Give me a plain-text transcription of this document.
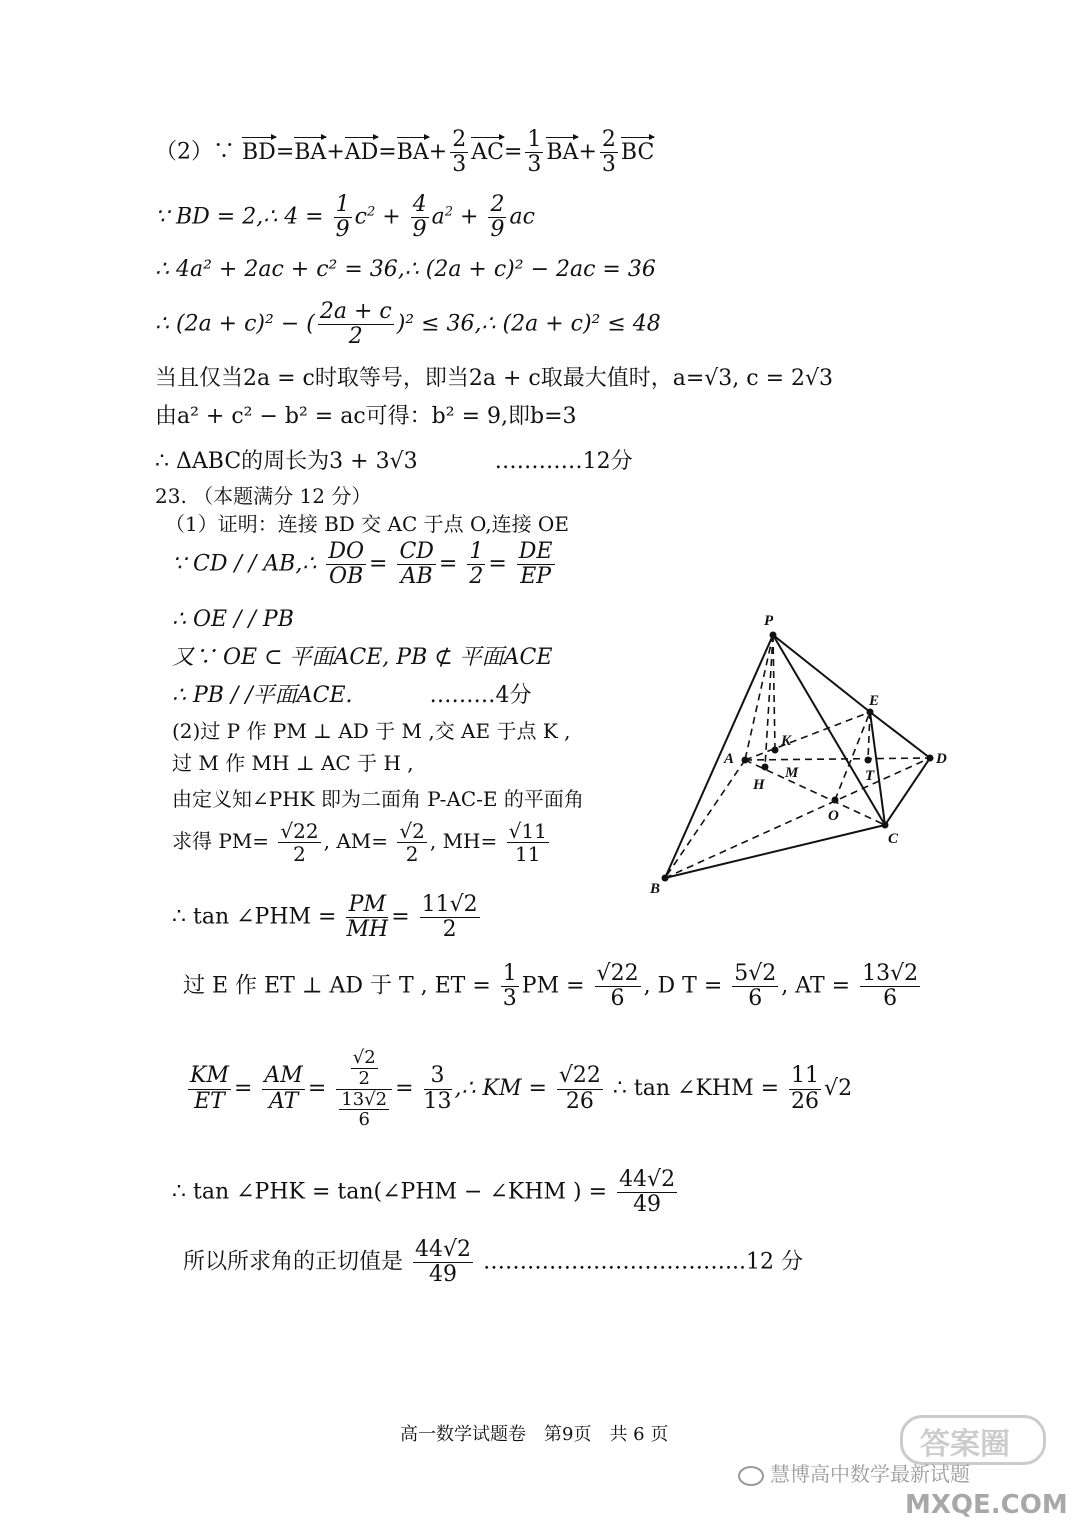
（2）∵ $BD=BA+AD=BA+ \frac{2}{3} AC= \frac{1}{3} BA+ \frac{2}{3}$ BC
∵ BD = 2,∴ $4 = \frac{1}{9} c^2 + \frac{4}{9} a^2 + \frac{2}{9}$ ac
∴ 4a² + 2ac + c² = 36,∴ (2a + c)² − 2ac = 36
∴ (2a + c)² − ( $\frac{2a + c}{2} )^2$ ≤ 36,∴ (2a + c)² ≤ 48
当且仅当2a = c时取等号，即当2a + c取最大值时，a=√3, c = 2√3
由a² + c² − b² = ac可得：b² = 9,即b=3
∴ ΔABC的周长为3 + 3√3	…………12分
23. （本题满分 12 分）
（1）证明：连接 BD 交 AC 于点 O,连接 OE
∵ CD / / AB,∴ $\frac{DO}{OB} = \frac{CD}{AB} = \frac{1}{2} = \frac{DE}{EP}$
∴ OE / / PB
又∵ OE ⊂ 平面ACE, PB ⊄ 平面ACE
∴ PB / /平面ACE.	………4分
(2)过 P 作 PM ⊥ AD 于 M ,交 AE 于点 K ,
过 M 作 MH ⊥ AC 于 H ,
由定义知∠PHK 即为二面角 P-AC-E 的平面角
求得 $PM= \frac{√22}{2}$ , $AM= \frac{√2}{2}$ , $MH= \frac{√11}{11}$
∴ tan ∠PHM = $\frac{PM}{MH} = \frac{11√2}{2}$
过 E 作 ET ⊥ AD 于 T , ET = $\frac{1}{3}$ PM = $\frac{√22}{6}$ , D $T = \frac{5√2}{6}$ , AT = $\frac{13√2}{6}$
$\frac{KM}{ET} = \frac{AM}{AT} = \frac{\frac{√2}{2}}{\frac{13√2}{6}} = \frac{3}{13}$ ,∴ KM = $\frac{√22}{26}$ ∴ tan ∠KHM = $\frac{11}{26} √2$
∴ tan ∠PHK = tan(∠PHM − ∠KHM ) = $\frac{44√2}{49}$
所以所求角的正切值是 $\frac{44√2}{49}$ ……………………………...12 分
P
E
D
A
K
H
M	T
O
C
B
高一数学试题卷　第9页　共 6 页	答案圈
慧博高中数学最新试题
MXQE.COM
